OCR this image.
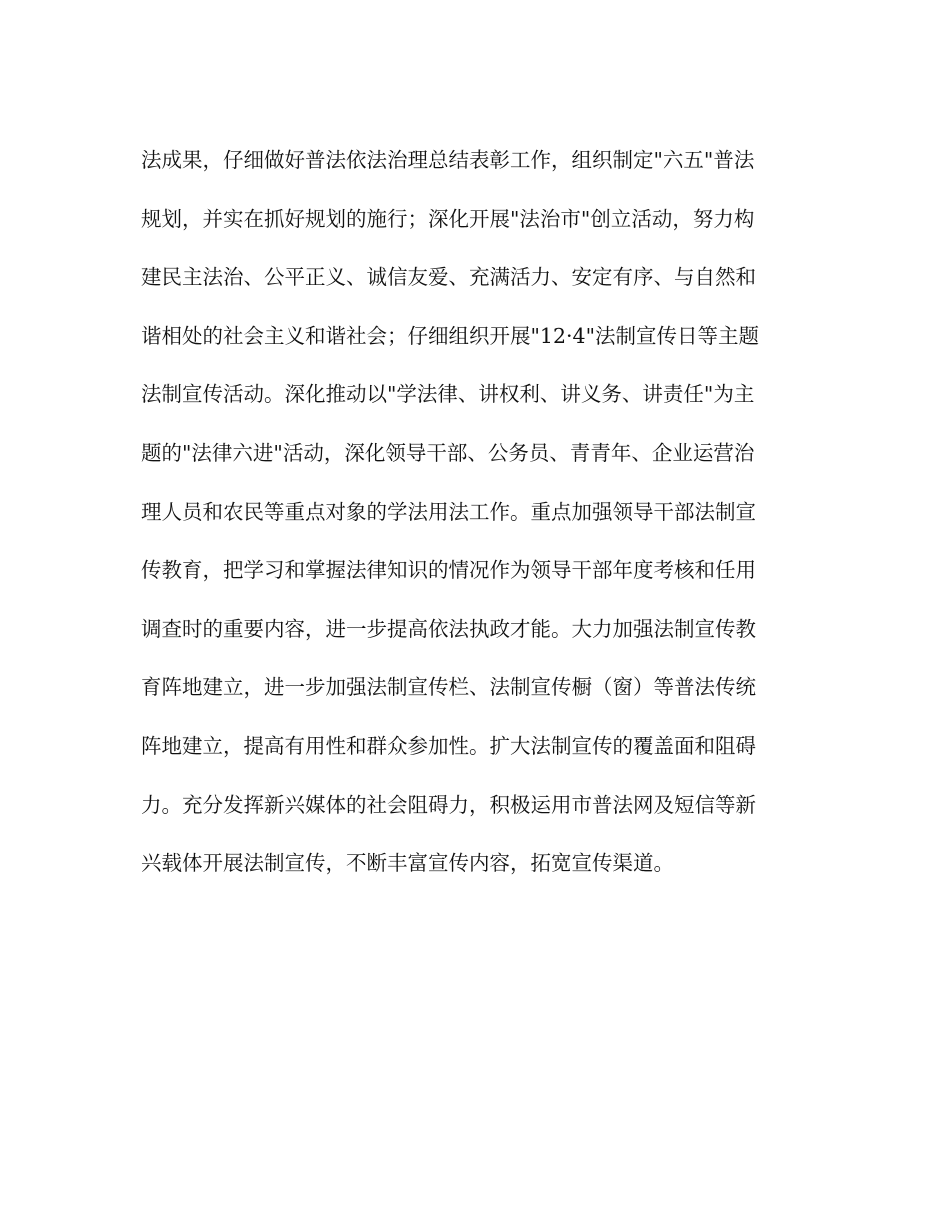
法成果，仔细做好普法依法治理总结表彰工作，组织制定"六五"普法
规划，并实在抓好规划的施行；深化开展"法治市"创立活动，努力构
建民主法治、公平正义、诚信友爱、充满活力、安定有序、与自然和
谐相处的社会主义和谐社会；仔细组织开展"12·4"法制宣传日等主题
法制宣传活动。深化推动以"学法律、讲权利、讲义务、讲责任"为主
题的"法律六进"活动，深化领导干部、公务员、青青年、企业运营治
理人员和农民等重点对象的学法用法工作。重点加强领导干部法制宣
传教育，把学习和掌握法律知识的情况作为领导干部年度考核和任用
调查时的重要内容，进一步提高依法执政才能。大力加强法制宣传教
育阵地建立，进一步加强法制宣传栏、法制宣传橱（窗）等普法传统
阵地建立，提高有用性和群众参加性。扩大法制宣传的覆盖面和阻碍
力。充分发挥新兴媒体的社会阻碍力，积极运用市普法网及短信等新
兴载体开展法制宣传，不断丰富宣传内容，拓宽宣传渠道。
